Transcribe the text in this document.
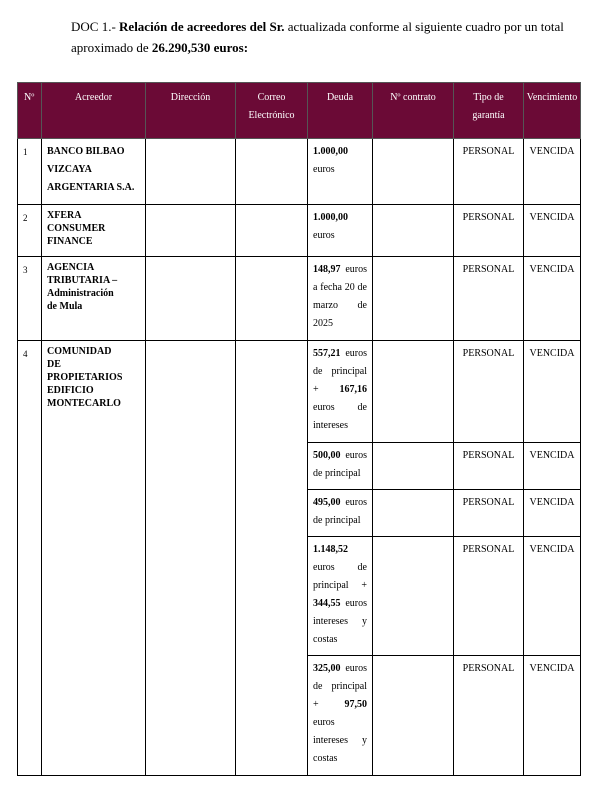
DOC 1.- Relación de acreedores del Sr. actualizada conforme al siguiente cuadro por un total aproximado de 26.290,530 euros:
Nº	Acreedor	Dirección	Correo Electrónico	Deuda	Nº contrato	Tipo de garantía	Vencimiento
1	BANCO BILBAO
VIZCAYA
ARGENTARIA S.A.			1.000,00 euros		PERSONAL	VENCIDA
2	XFERA
CONSUMER
FINANCE			1.000,00 euros		PERSONAL	VENCIDA
3	AGENCIA
TRIBUTARIA –
Administración
de Mula			148,97 euros a fecha 20 de marzo de 2025		PERSONAL	VENCIDA
4	COMUNIDAD
DE
PROPIETARIOS
EDIFICIO
MONTECARLO			557,21 euros de principal + 167,16 euros de intereses		PERSONAL	VENCIDA
				500,00 euros de principal		PERSONAL	VENCIDA
				495,00 euros de principal		PERSONAL	VENCIDA
				1.148,52 euros de principal + 344,55 euros intereses y costas		PERSONAL	VENCIDA
				325,00 euros de principal + 97,50 euros intereses y costas		PERSONAL	VENCIDA
